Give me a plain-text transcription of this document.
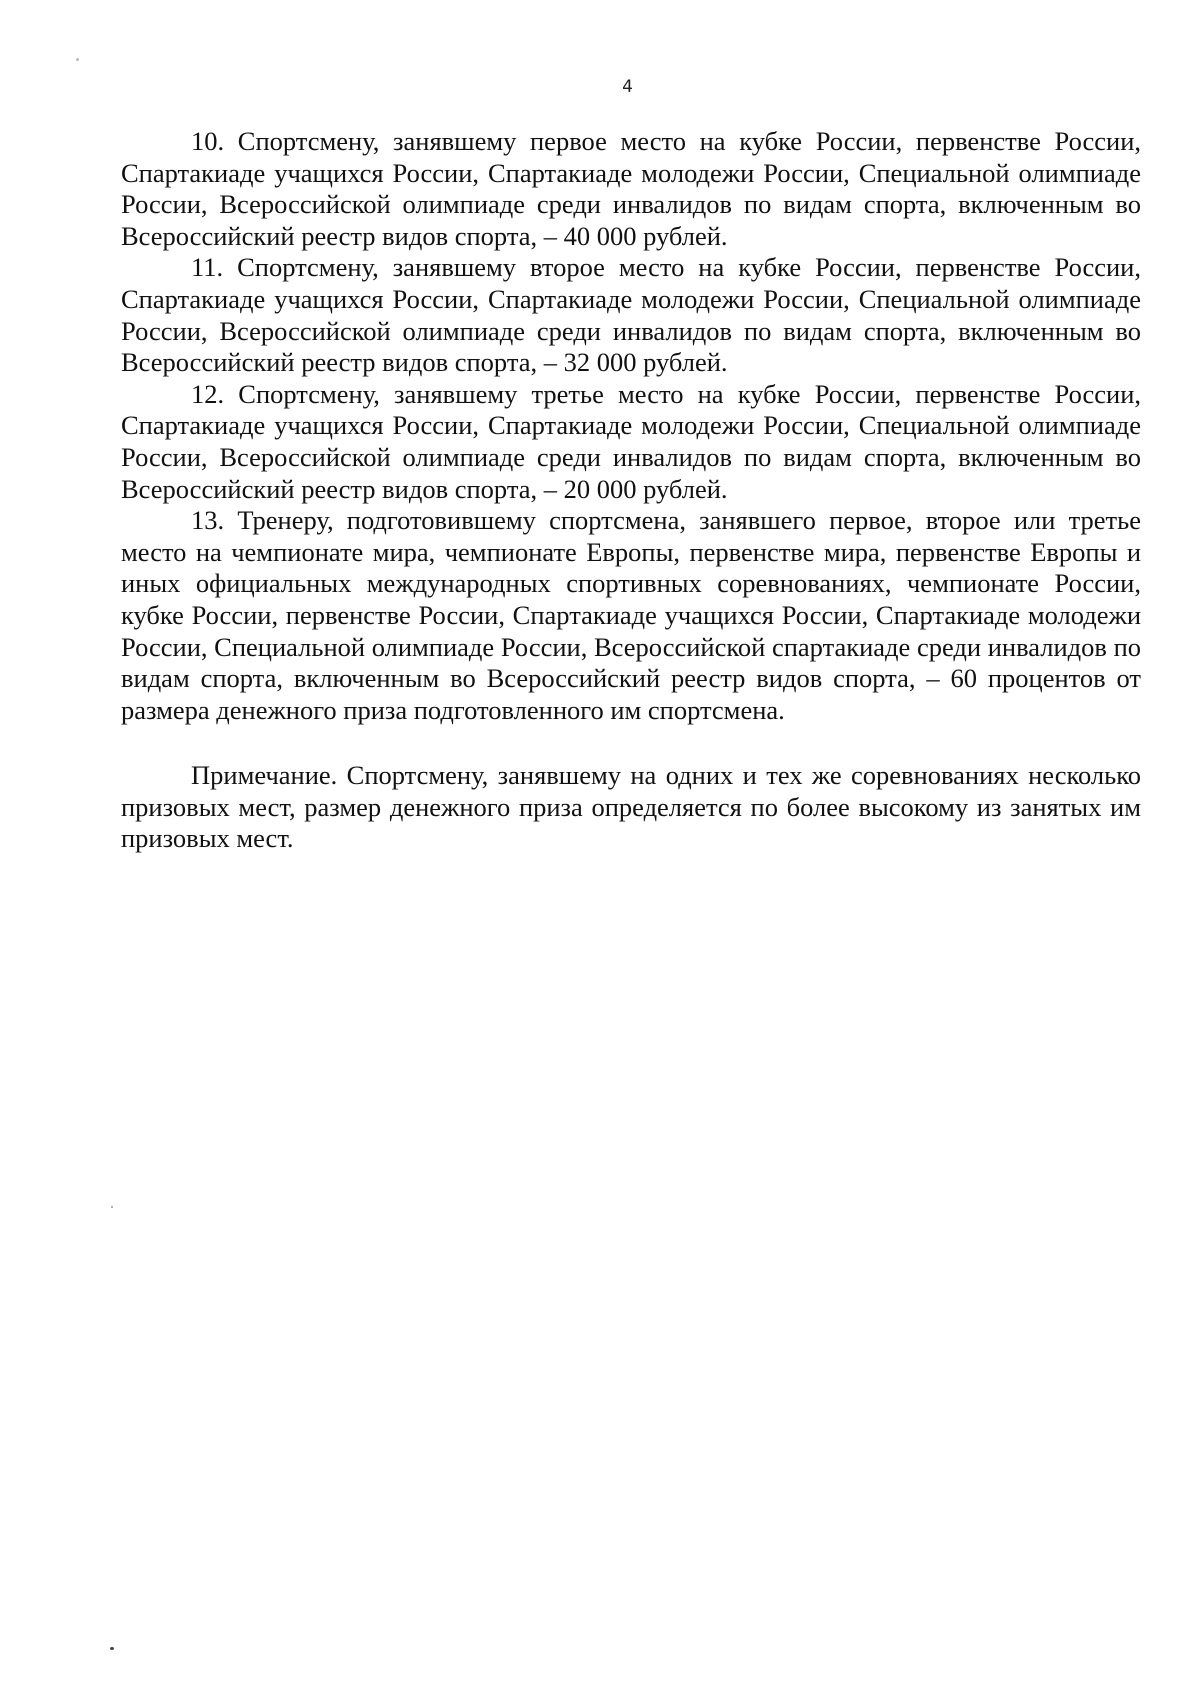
4

10. Спортсмену, занявшему первое место на кубке России, первенстве России, Спартакиаде учащихся России, Спартакиаде молодежи России, Специальной олимпиаде России, Всероссийской олимпиаде среди инвалидов по видам спорта, включенным во Всероссийский реестр видов спорта, – 40 000 рублей.

11. Спортсмену, занявшему второе место на кубке России, первенстве России, Спартакиаде учащихся России, Спартакиаде молодежи России, Специальной олимпиаде России, Всероссийской олимпиаде среди инвалидов по видам спорта, включенным во Всероссийский реестр видов спорта, – 32 000 рублей.

12. Спортсмену, занявшему третье место на кубке России, первенстве России, Спартакиаде учащихся России, Спартакиаде молодежи России, Специальной олимпиаде России, Всероссийской олимпиаде среди инвалидов по видам спорта, включенным во Всероссийский реестр видов спорта, – 20 000 рублей.

13. Тренеру, подготовившему спортсмена, занявшего первое, второе или третье место на чемпионате мира, чемпионате Европы, первенстве мира, первенстве Европы и иных официальных международных спортивных соревнованиях, чемпионате России, кубке России, первенстве России, Спартакиаде учащихся России, Спартакиаде молодежи России, Специальной олимпиаде России, Всероссийской спартакиаде среди инвалидов по видам спорта, включенным во Всероссийский реестр видов спорта, – 60 процентов от размера денежного приза подготовленного им спортсмена.

Примечание. Спортсмену, занявшему на одних и тех же соревнованиях несколько призовых мест, размер денежного приза определяется по более высокому из занятых им призовых мест.
